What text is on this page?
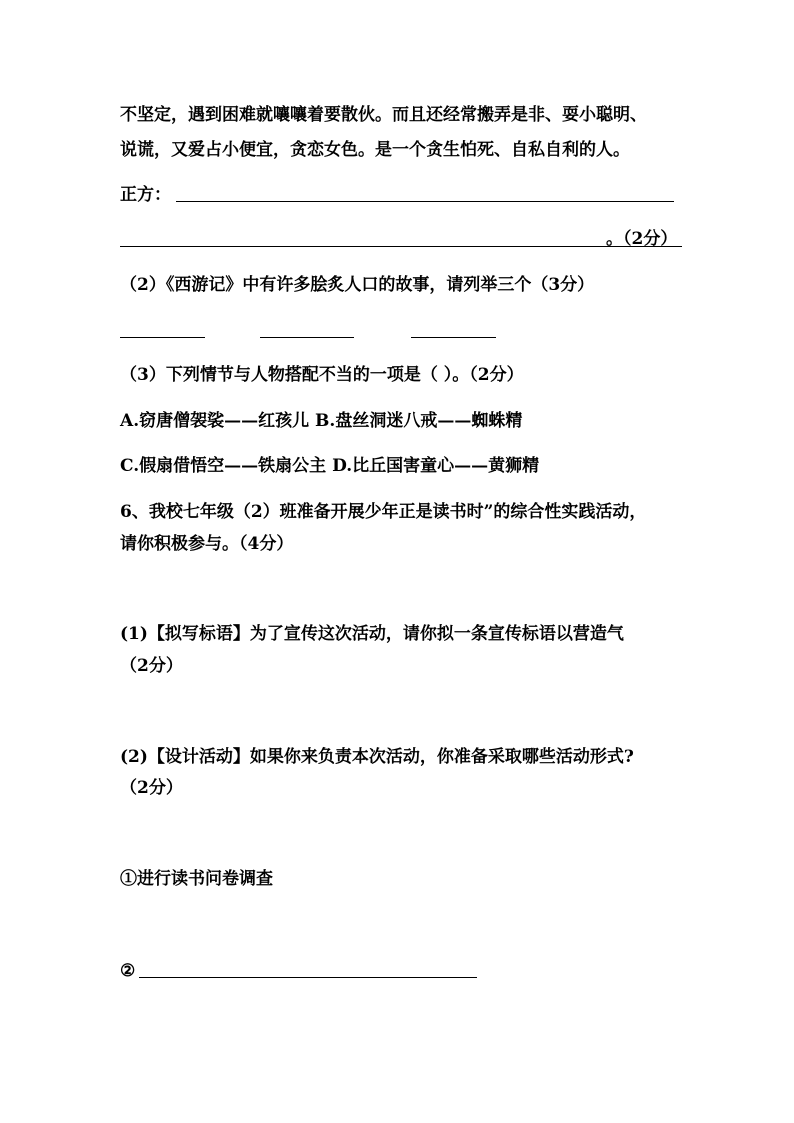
不坚定，遇到困难就嚷嚷着要散伙。而且还经常搬弄是非、耍小聪明、

说谎，又爱占小便宜，贪恋女色。是一个贪生怕死、自私自利的人。

正方：

。（2分）

（2）《西游记》中有许多脍炙人口的故事，请列举三个（3分）

（3）下列情节与人物搭配不当的一项是（ ）。（2分）

A.窃唐僧袈裟——红孩儿 B.盘丝洞迷八戒——蜘蛛精

C.假扇借悟空——铁扇公主 D.比丘国害童心——黄狮精

6、我校七年级（2）班准备开展少年正是读书时”的综合性实践活动，

请你积极参与。（4分）

(1)【拟写标语】为了宣传这次活动，请你拟一条宣传标语以营造气

（2分）

(2)【设计活动】如果你来负责本次活动，你准备采取哪些活动形式?

（2分）

①进行读书问卷调查

②
